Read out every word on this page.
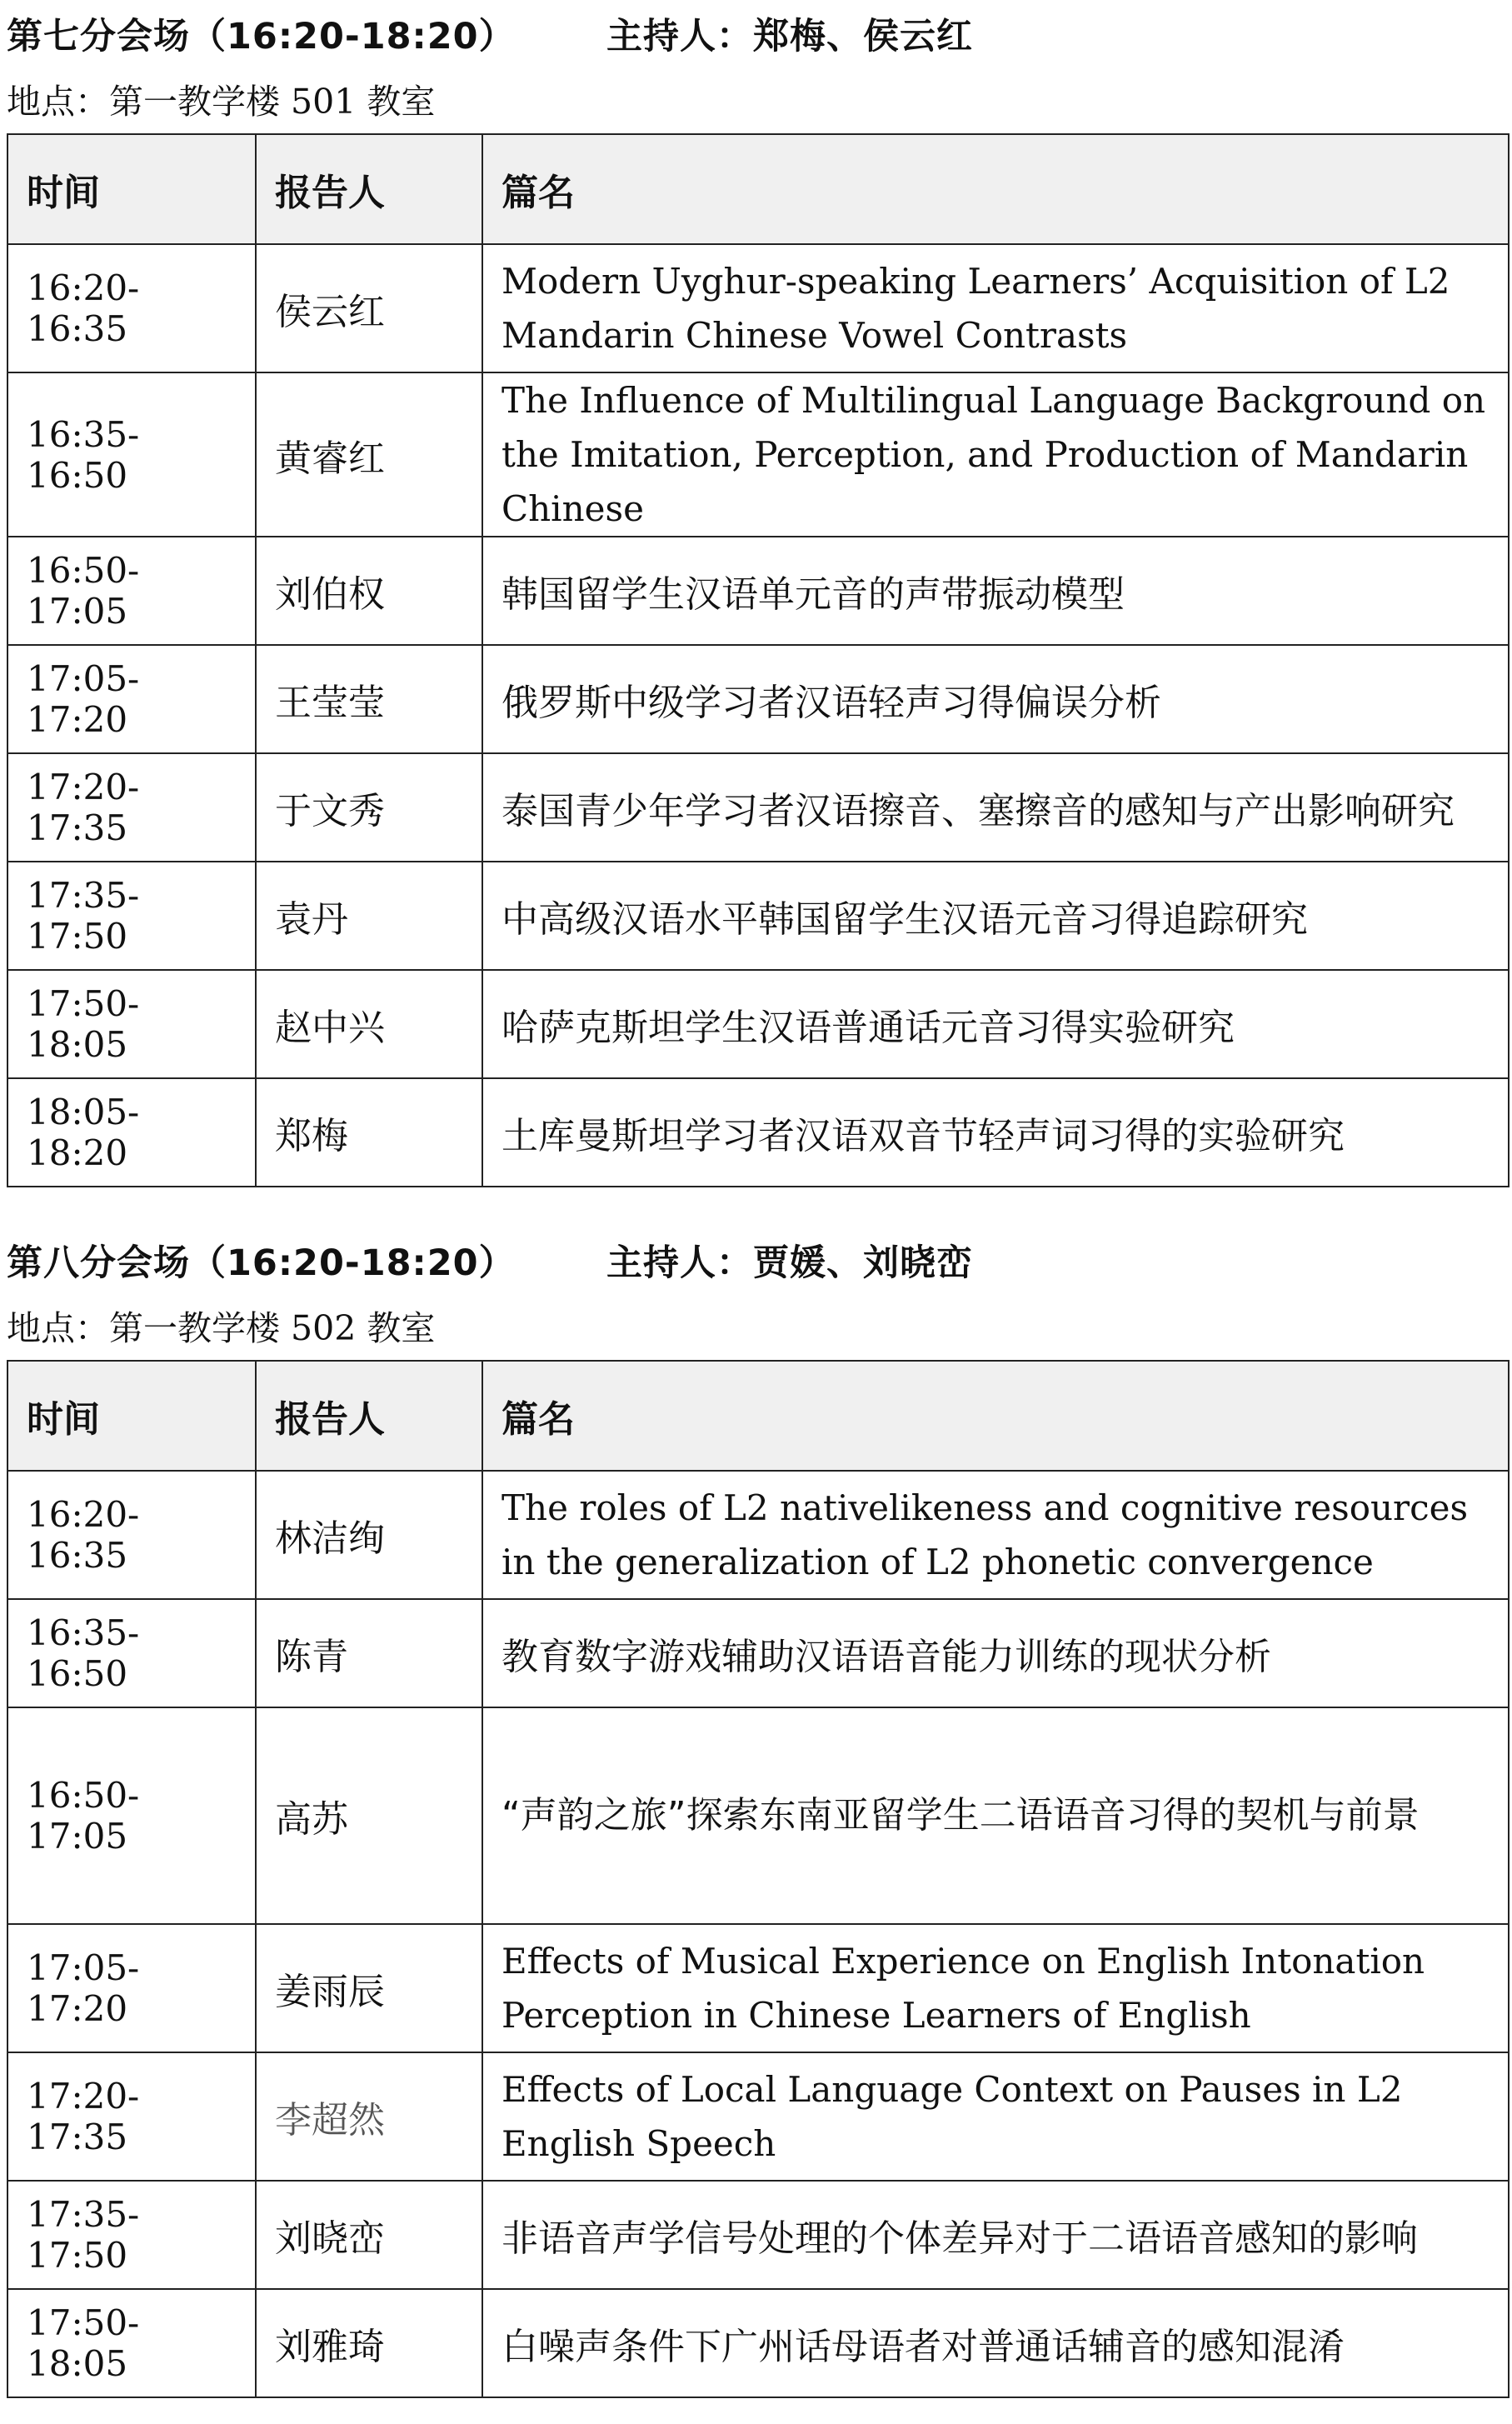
第七分会场（16:20-18:20）	主持人：郑梅、侯云红
地点：第一教学楼 501 教室
时间	报告人	篇名
16:20-16:35	侯云红	Modern Uyghur-speaking Learners’ Acquisition of L2 Mandarin Chinese Vowel Contrasts
16:35-16:50	黄睿红	The Influence of Multilingual Language Background on the Imitation, Perception, and Production of Mandarin Chinese
16:50-17:05	刘伯权	韩国留学生汉语单元音的声带振动模型
17:05-17:20	王莹莹	俄罗斯中级学习者汉语轻声习得偏误分析
17:20-17:35	于文秀	泰国青少年学习者汉语擦音、塞擦音的感知与产出影响研究
17:35-17:50	袁丹	中高级汉语水平韩国留学生汉语元音习得追踪研究
17:50-18:05	赵中兴	哈萨克斯坦学生汉语普通话元音习得实验研究
18:05-18:20	郑梅	土库曼斯坦学习者汉语双音节轻声词习得的实验研究
第八分会场（16:20-18:20）	主持人：贾媛、刘晓峦
地点：第一教学楼 502 教室
时间	报告人	篇名
16:20-16:35	林洁绚	The roles of L2 nativelikeness and cognitive resources in the generalization of L2 phonetic convergence
16:35-16:50	陈青	教育数字游戏辅助汉语语音能力训练的现状分析
16:50-17:05	高苏	“声韵之旅”探索东南亚留学生二语语音习得的契机与前景
17:05-17:20	姜雨辰	Effects of Musical Experience on English Intonation Perception in Chinese Learners of English
17:20-17:35	李超然	Effects of Local Language Context on Pauses in L2 English Speech
17:35-17:50	刘晓峦	非语音声学信号处理的个体差异对于二语语音感知的影响
17:50-18:05	刘雅琦	白噪声条件下广州话母语者对普通话辅音的感知混淆
